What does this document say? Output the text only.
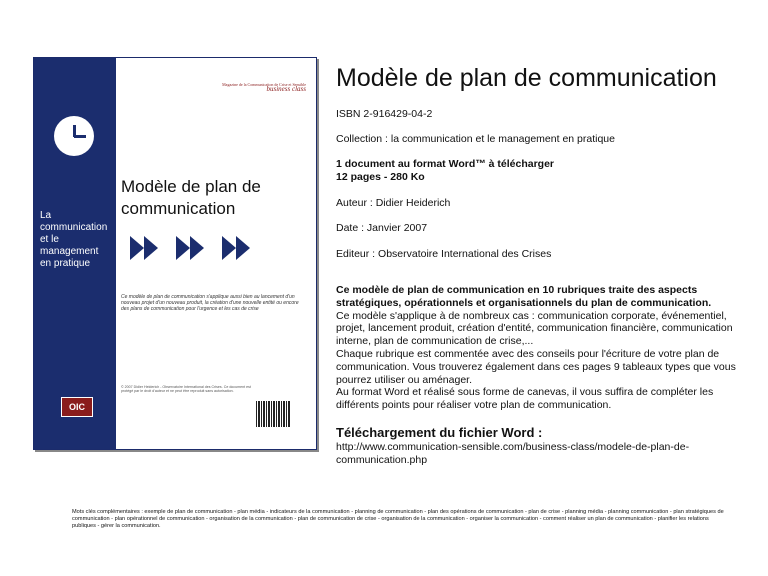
La communication et le management en pratique
OIC
Magazine de la Communication de Crise et Sensible
business class
Modèle de plan de communication
Ce modèle de plan de communication s'applique aussi bien au lancement d'un nouveau projet d'un nouveau produit, la création d'une nouvelle entité ou encore des plans de communication pour l'urgence et les cas de crise
© 2007 Didier Heiderich - Observatoire International des Crises. Ce document est protégé par le droit d'auteur et ne peut être reproduit sans autorisation.
Modèle de plan de communication
ISBN 2-916429-04-2
Collection : la communication et le management en pratique
1 document au format Word™ à télécharger
12 pages - 280 Ko
Auteur : Didier Heiderich
Date : Janvier 2007
Editeur : Observatoire International des Crises

Ce modèle de plan de communication en 10 rubriques traite des aspects stratégiques, opérationnels et organisationnels du plan de communication.

Ce modèle s'applique à de nombreux cas : communication corporate, événementiel, projet, lancement produit, création d'entité, communication financière, communication interne, plan de communication de crise,...

Chaque rubrique est commentée avec des conseils pour l'écriture de votre plan de communication. Vous trouverez également dans ces pages 9 tableaux types que vous pourrez utiliser ou aménager.

Au format Word et réalisé sous forme de canevas, il vous suffira de compléter les différents points pour réaliser votre plan de communication.

Téléchargement du fichier Word :
http://www.communication-sensible.com/business-class/modele-de-plan-de-communication.php
Mots clés complémentaires : exemple de plan de communication - plan média - indicateurs de la communication - planning de communication - plan des opérations de communication - plan de crise - planning média - planning communication - plan stratégiques de communication - plan opérationnel de communication - organisation de la communication - plan de communication de crise - organisation de la communication - organiser la communication - comment réaliser un plan de communication - planifier les relations publiques - gérer la communication.
